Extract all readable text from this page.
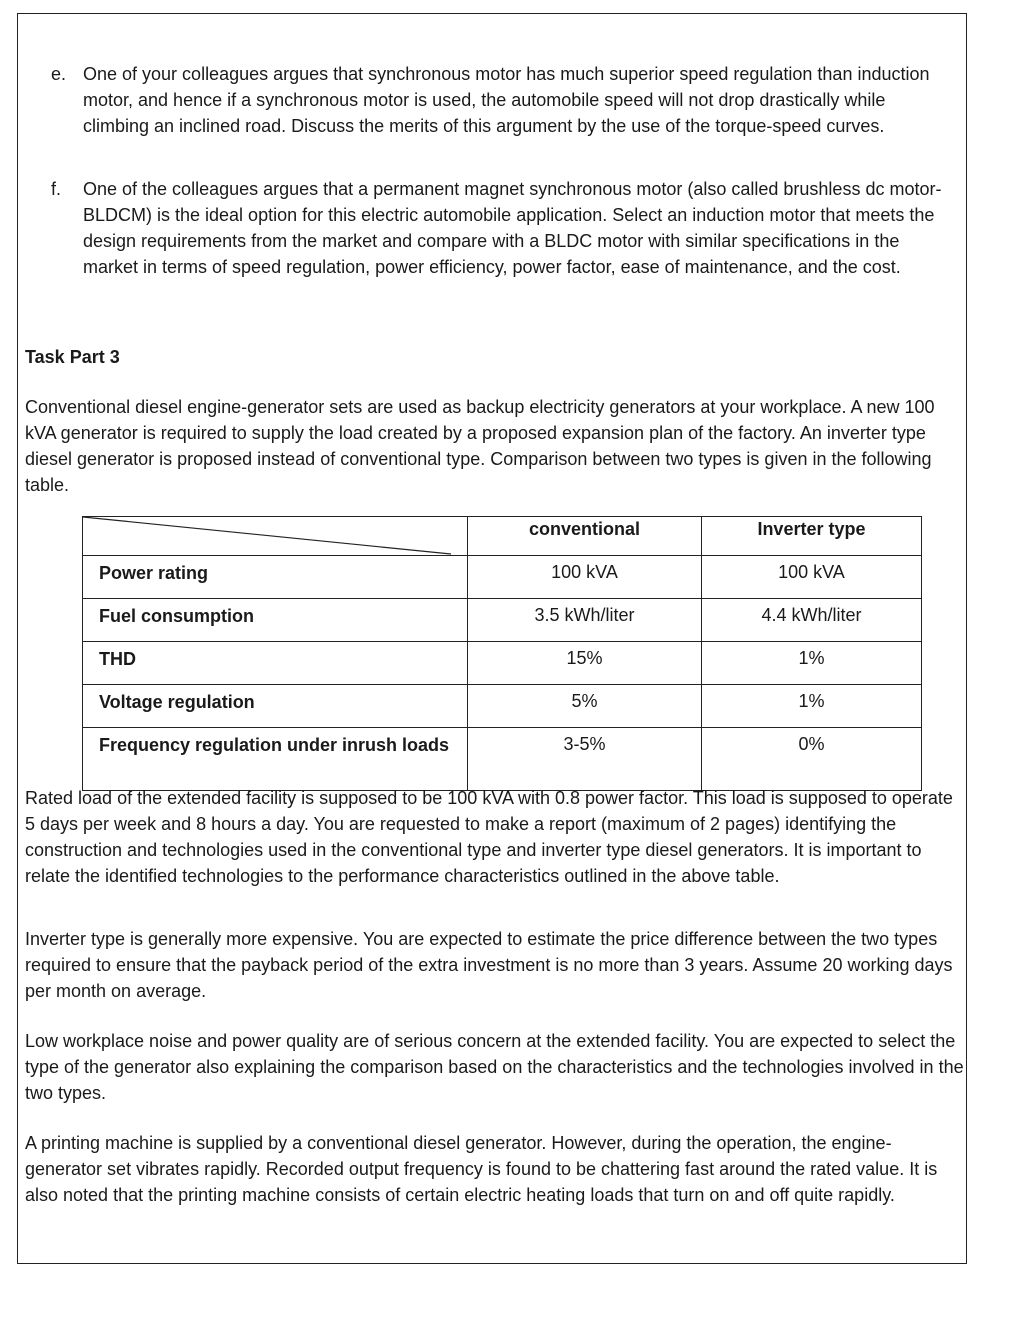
e. One of your colleagues argues that synchronous motor has much superior speed regulation than induction motor, and hence if a synchronous motor is used, the automobile speed will not drop drastically while climbing an inclined road. Discuss the merits of this argument by the use of the torque-speed curves.
f. One of the colleagues argues that a permanent magnet synchronous motor (also called brushless dc motor-BLDCM) is the ideal option for this electric automobile application. Select an induction motor that meets the design requirements from the market and compare with a BLDC motor with similar specifications in the market in terms of speed regulation, power efficiency, power factor, ease of maintenance, and the cost.
Task Part 3
Conventional diesel engine-generator sets are used as backup electricity generators at your workplace. A new 100 kVA generator is required to supply the load created by a proposed expansion plan of the factory. An inverter type diesel generator is proposed instead of conventional type. Comparison between two types is given in the following table.
	conventional	Inverter type
Power rating	100 kVA	100 kVA
Fuel consumption	3.5 kWh/liter	4.4 kWh/liter
THD	15%	1%
Voltage regulation	5%	1%
Frequency regulation under inrush loads	3-5%	0%
Rated load of the extended facility is supposed to be 100 kVA with 0.8 power factor. This load is supposed to operate 5 days per week and 8 hours a day. You are requested to make a report (maximum of 2 pages) identifying the construction and technologies used in the conventional type and inverter type diesel generators. It is important to relate the identified technologies to the performance characteristics outlined in the above table.
Inverter type is generally more expensive. You are expected to estimate the price difference between the two types required to ensure that the payback period of the extra investment is no more than 3 years. Assume 20 working days per month on average.
Low workplace noise and power quality are of serious concern at the extended facility. You are expected to select the type of the generator also explaining the comparison based on the characteristics and the technologies involved in the two types.
A printing machine is supplied by a conventional diesel generator. However, during the operation, the engine-generator set vibrates rapidly. Recorded output frequency is found to be chattering fast around the rated value. It is also noted that the printing machine consists of certain electric heating loads that turn on and off quite rapidly.
